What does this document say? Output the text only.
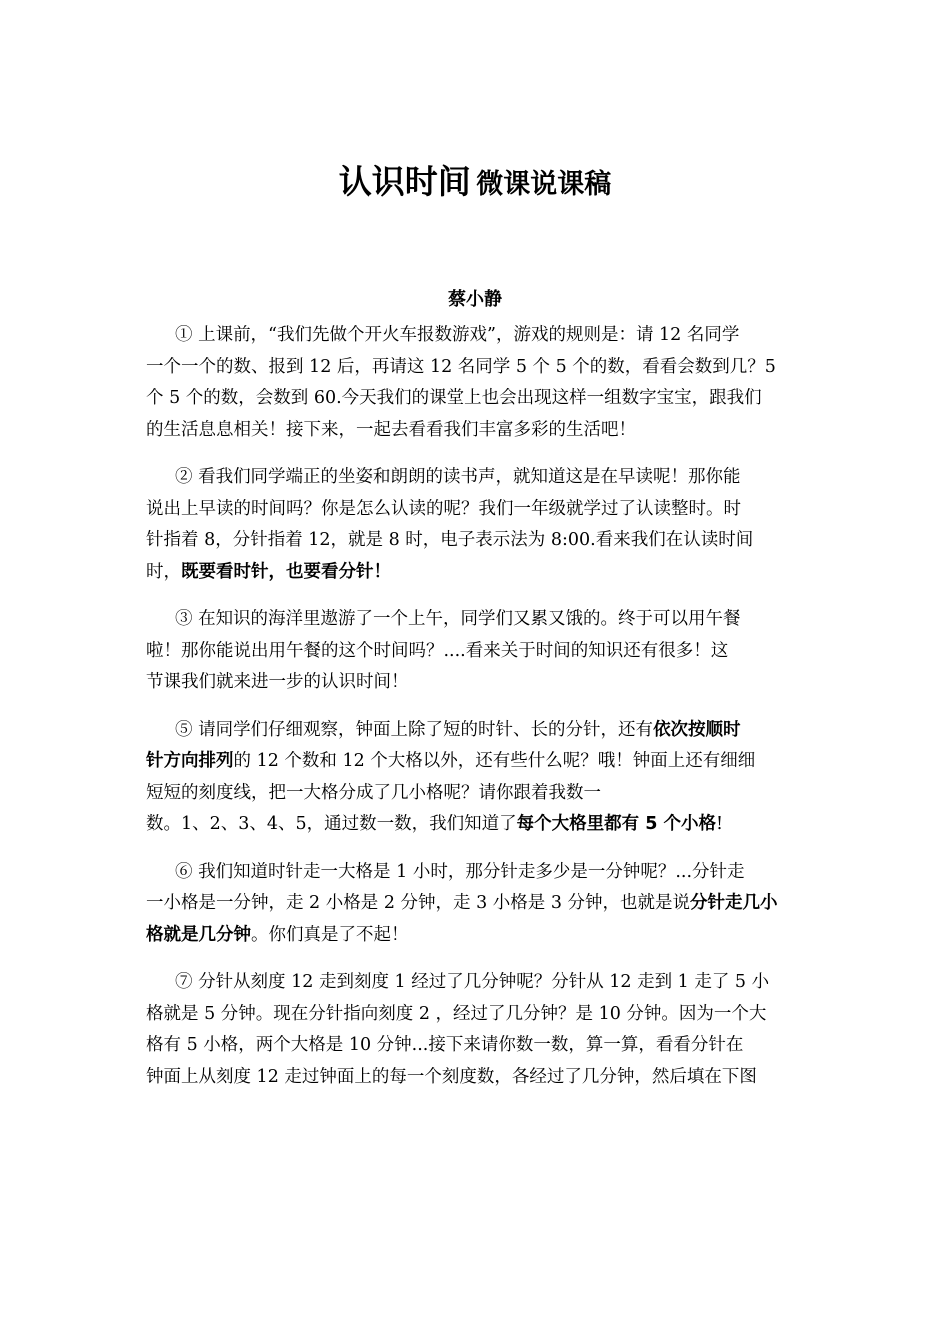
认识时间 微课说课稿
蔡小静
① 上课前，“我们先做个开火车报数游戏”，游戏的规则是：请 12 名同学
一个一个的数、报到 12 后，再请这 12 名同学 5 个 5 个的数，看看会数到几？5
个 5 个的数，会数到 60.今天我们的课堂上也会出现这样一组数字宝宝，跟我们
的生活息息相关！接下来，一起去看看我们丰富多彩的生活吧！
② 看我们同学端正的坐姿和朗朗的读书声，就知道这是在早读呢！那你能
说出上早读的时间吗？你是怎么认读的呢？我们一年级就学过了认读整时。时
针指着 8，分针指着 12，就是 8 时，电子表示法为 8:00.看来我们在认读时间
时，既要看时针，也要看分针！
③ 在知识的海洋里遨游了一个上午，同学们又累又饿的。终于可以用午餐
啦！那你能说出用午餐的这个时间吗？....看来关于时间的知识还有很多！这
节课我们就来进一步的认识时间！
⑤ 请同学们仔细观察，钟面上除了短的时针、长的分针，还有依次按顺时
针方向排列的 12 个数和 12 个大格以外，还有些什么呢？哦！钟面上还有细细
短短的刻度线，把一大格分成了几小格呢？请你跟着我数一
数。1、2、3、4、5，通过数一数，我们知道了每个大格里都有 5 个小格!
⑥ 我们知道时针走一大格是 1 小时，那分针走多少是一分钟呢？...分针走
一小格是一分钟，走 2 小格是 2 分钟，走 3 小格是 3 分钟，也就是说分针走几小
格就是几分钟。你们真是了不起！
⑦ 分针从刻度 12 走到刻度 1 经过了几分钟呢？分针从 12 走到 1 走了 5 小
格就是 5 分钟。现在分针指向刻度 2 ，经过了几分钟？是 10 分钟。因为一个大
格有 5 小格，两个大格是 10 分钟...接下来请你数一数，算一算，看看分针在
钟面上从刻度 12 走过钟面上的每一个刻度数，各经过了几分钟，然后填在下图
